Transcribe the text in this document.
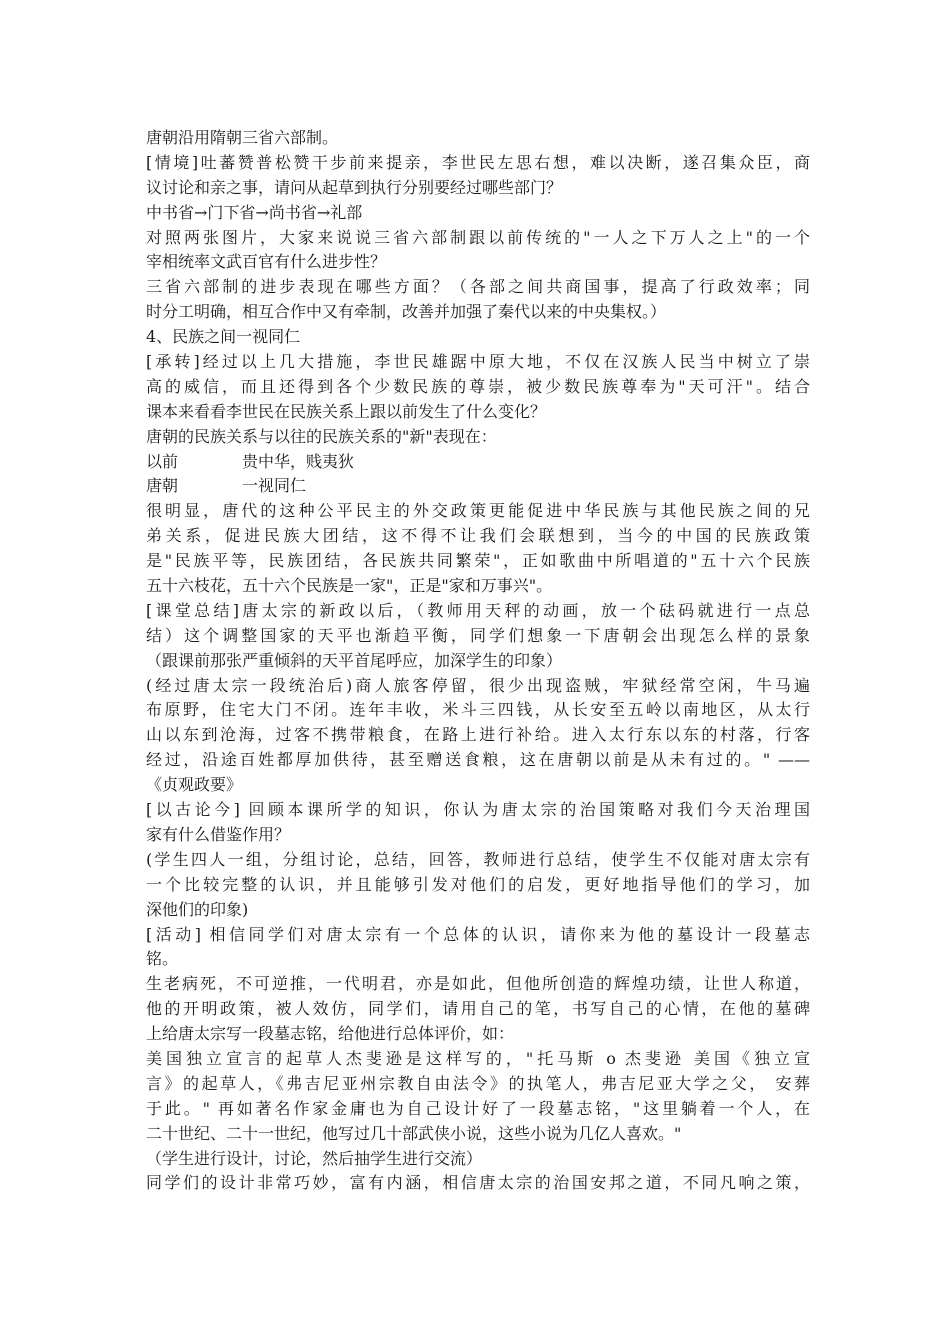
唐朝沿用隋朝三省六部制。
[情境]吐蕃赞普松赞干步前来提亲，李世民左思右想，难以决断，遂召集众臣，商
议讨论和亲之事，请问从起草到执行分别要经过哪些部门？
中书省→门下省→尚书省→礼部
对照两张图片，大家来说说三省六部制跟以前传统的"一人之下万人之上"的一个
宰相统率文武百官有什么进步性？
三省六部制的进步表现在哪些方面？（各部之间共商国事，提高了行政效率；同
时分工明确，相互合作中又有牵制，改善并加强了秦代以来的中央集权。）
4、民族之间一视同仁
[承转]经过以上几大措施，李世民雄踞中原大地，不仅在汉族人民当中树立了崇
高的威信，而且还得到各个少数民族的尊崇，被少数民族尊奉为"天可汗"。结合
课本来看看李世民在民族关系上跟以前发生了什么变化？
唐朝的民族关系与以往的民族关系的"新"表现在：
以前	贵中华，贱夷狄
唐朝	一视同仁
很明显，唐代的这种公平民主的外交政策更能促进中华民族与其他民族之间的兄
弟关系，促进民族大团结，这不得不让我们会联想到，当今的中国的民族政策
是"民族平等，民族团结，各民族共同繁荣"，正如歌曲中所唱道的"五十六个民族
五十六枝花，五十六个民族是一家"，正是"家和万事兴"。
[课堂总结]唐太宗的新政以后，（教师用天秤的动画，放一个砝码就进行一点总
结）这个调整国家的天平也渐趋平衡，同学们想象一下唐朝会出现怎么样的景象
（跟课前那张严重倾斜的天平首尾呼应，加深学生的印象）
(经过唐太宗一段统治后)商人旅客停留，很少出现盗贼，牢狱经常空闲，牛马遍
布原野，住宅大门不闭。连年丰收，米斗三四钱，从长安至五岭以南地区，从太行
山以东到沧海，过客不携带粮食，在路上进行补给。进入太行东以东的村落，行客
经过，沿途百姓都厚加供待，甚至赠送食粮，这在唐朝以前是从未有过的。" ——
《贞观政要》
[以古论今] 回顾本课所学的知识，你认为唐太宗的治国策略对我们今天治理国
家有什么借鉴作用？
(学生四人一组，分组讨论，总结，回答，教师进行总结，使学生不仅能对唐太宗有
一个比较完整的认识，并且能够引发对他们的启发，更好地指导他们的学习，加
深他们的印象)
[活动] 相信同学们对唐太宗有一个总体的认识，请你来为他的墓设计一段墓志
铭。
生老病死，不可逆推，一代明君，亦是如此，但他所创造的辉煌功绩，让世人称道，
他的开明政策，被人效仿，同学们，请用自己的笔，书写自己的心情，在他的墓碑
上给唐太宗写一段墓志铭，给他进行总体评价，如：
美国独立宣言的起草人杰斐逊是这样写的，"托马斯 o 杰斐逊 美国《独立宣
言》的起草人，《弗吉尼亚州宗教自由法令》的执笔人，弗吉尼亚大学之父， 安葬
于此。" 再如著名作家金庸也为自己设计好了一段墓志铭，"这里躺着一个人，在
二十世纪、二十一世纪，他写过几十部武侠小说，这些小说为几亿人喜欢。"
（学生进行设计，讨论，然后抽学生进行交流）
同学们的设计非常巧妙，富有内涵，相信唐太宗的治国安邦之道，不同凡响之策，
